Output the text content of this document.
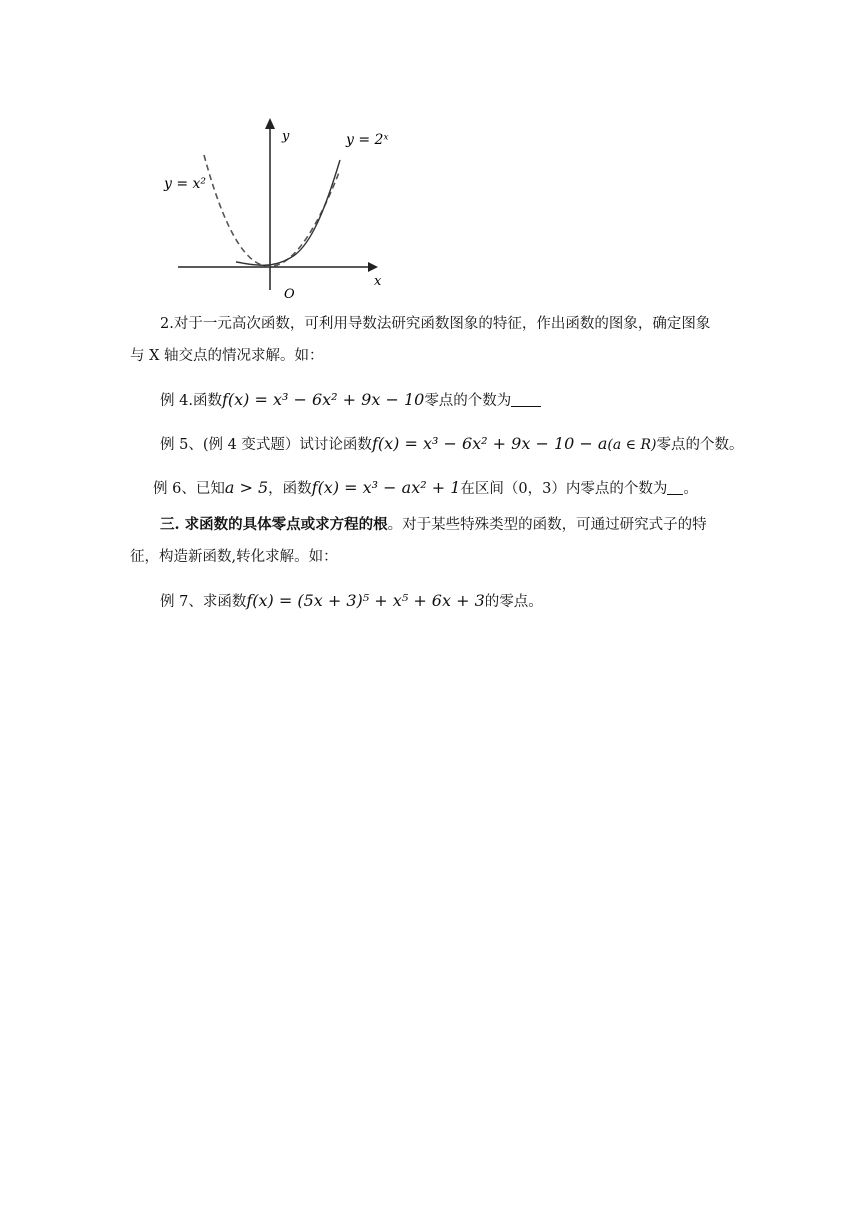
y = x²
y = 2ˣ
y
x
O
2.对于一元高次函数，可利用导数法研究函数图象的特征，作出函数的图象，确定图象
与 X 轴交点的情况求解。如：
例 4.函数f(x) = x³ − 6x² + 9x − 10零点的个数为
例 5、(例 4 变式题）试讨论函数f(x) = x³ − 6x² + 9x − 10 − a(a ∈ R)零点的个数。
例 6、已知a > 5，函数f(x) = x³ − ax² + 1在区间（0，3）内零点的个数为 。
三. 求函数的具体零点或求方程的根。对于某些特殊类型的函数，可通过研究式子的特
征，构造新函数,转化求解。如：
例 7、求函数f(x) = (5x + 3)⁵ + x⁵ + 6x + 3的零点。
